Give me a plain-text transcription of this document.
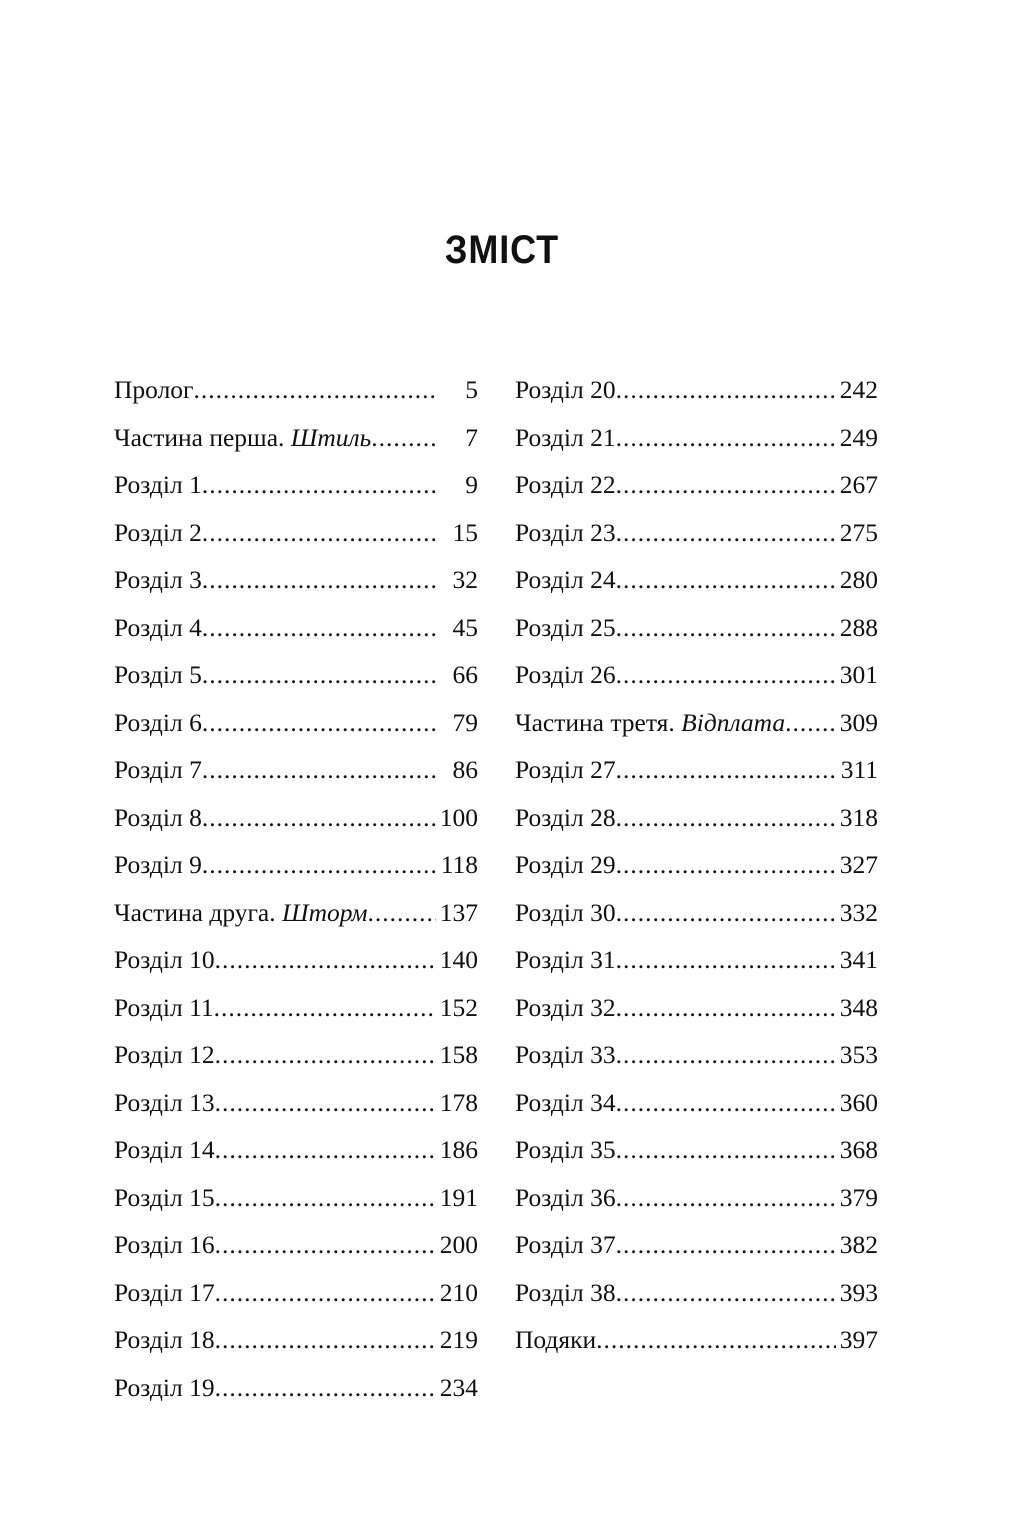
ЗМІСТ
Пролог .....	5
Частина перша. Штиль .....	7
Розділ 1 .....	9
Розділ 2 .....	15
Розділ 3 .....	32
Розділ 4 .....	45
Розділ 5 .....	66
Розділ 6 .....	79
Розділ 7 .....	86
Розділ 8 .....	100
Розділ 9 .....	118
Частина друга. Шторм .....	137
Розділ 10 .....	140
Розділ 11 .....	152
Розділ 12 .....	158
Розділ 13 .....	178
Розділ 14 .....	186
Розділ 15 .....	191
Розділ 16 .....	200
Розділ 17 .....	210
Розділ 18 .....	219
Розділ 19 .....	234
Розділ 20 .....	242
Розділ 21 .....	249
Розділ 22 .....	267
Розділ 23 .....	275
Розділ 24 .....	280
Розділ 25 .....	288
Розділ 26 .....	301
Частина третя. Відплата ..... 309
Розділ 27 .....	311
Розділ 28 .....	318
Розділ 29 .....	327
Розділ 30 .....	332
Розділ 31 .....	341
Розділ 32 .....	348
Розділ 33 .....	353
Розділ 34 .....	360
Розділ 35 .....	368
Розділ 36 .....	379
Розділ 37 .....	382
Розділ 38 .....	393
Подяки .....	397
